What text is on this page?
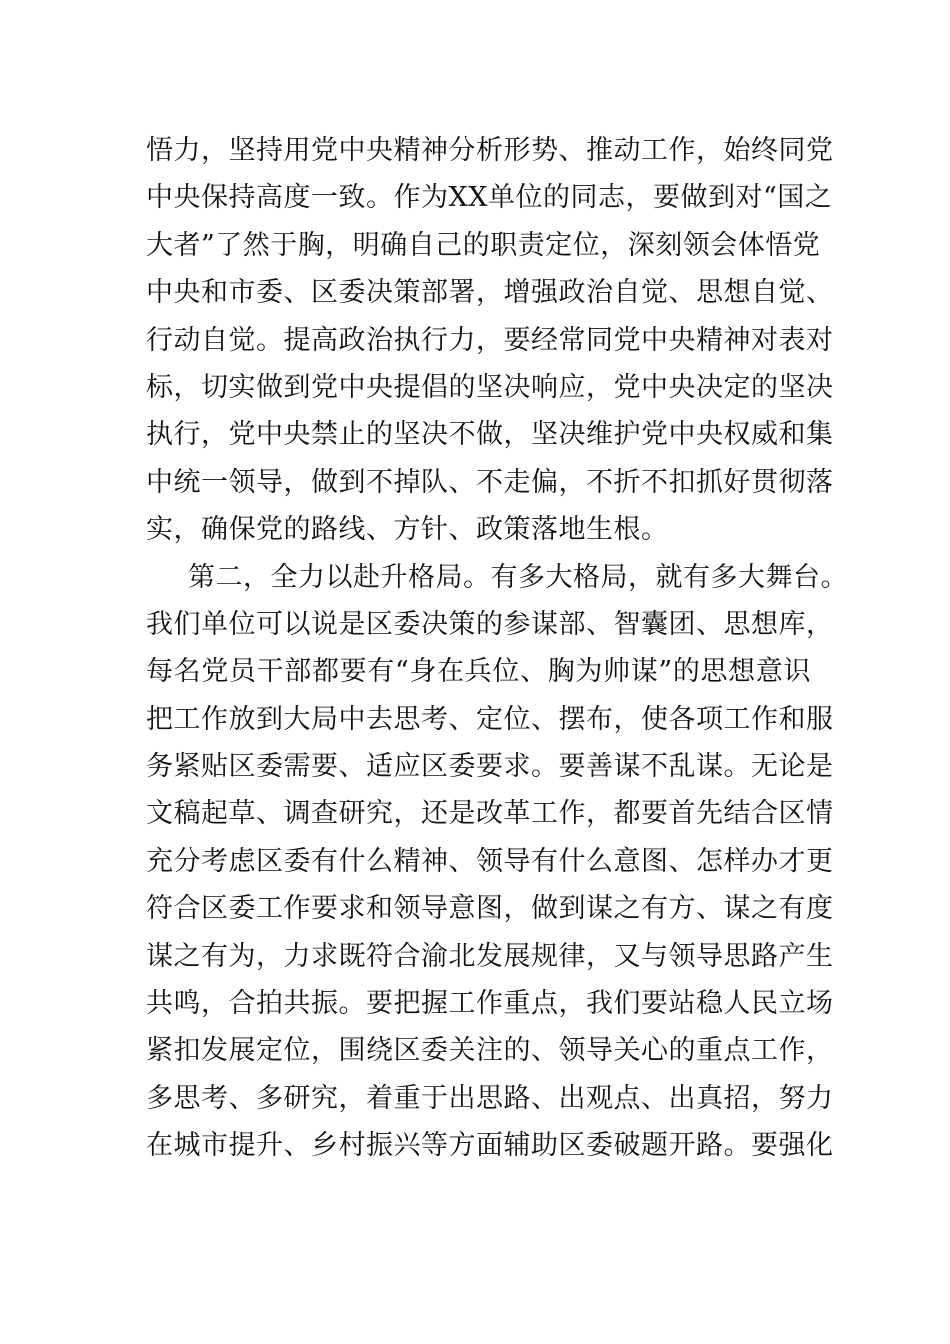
悟力，坚持用党中央精神分析形势、推动工作，始终同党
中央保持高度一致。作为XX单位的同志，要做到对“国之
大者”了然于胸，明确自己的职责定位，深刻领会体悟党
中央和市委、区委决策部署，增强政治自觉、思想自觉、
行动自觉。提高政治执行力，要经常同党中央精神对表对
标，切实做到党中央提倡的坚决响应，党中央决定的坚决
执行，党中央禁止的坚决不做，坚决维护党中央权威和集
中统一领导，做到不掉队、不走偏，不折不扣抓好贯彻落
实，确保党的路线、方针、政策落地生根。
第二，全力以赴升格局。有多大格局，就有多大舞台。
我们单位可以说是区委决策的参谋部、智囊团、思想库，
每名党员干部都要有“身在兵位、胸为帅谋”的思想意识
把工作放到大局中去思考、定位、摆布，使各项工作和服
务紧贴区委需要、适应区委要求。要善谋不乱谋。无论是
文稿起草、调查研究，还是改革工作，都要首先结合区情
充分考虑区委有什么精神、领导有什么意图、怎样办才更
符合区委工作要求和领导意图，做到谋之有方、谋之有度
谋之有为，力求既符合渝北发展规律，又与领导思路产生
共鸣，合拍共振。要把握工作重点，我们要站稳人民立场
紧扣发展定位，围绕区委关注的、领导关心的重点工作，
多思考、多研究，着重于出思路、出观点、出真招，努力
在城市提升、乡村振兴等方面辅助区委破题开路。要强化
